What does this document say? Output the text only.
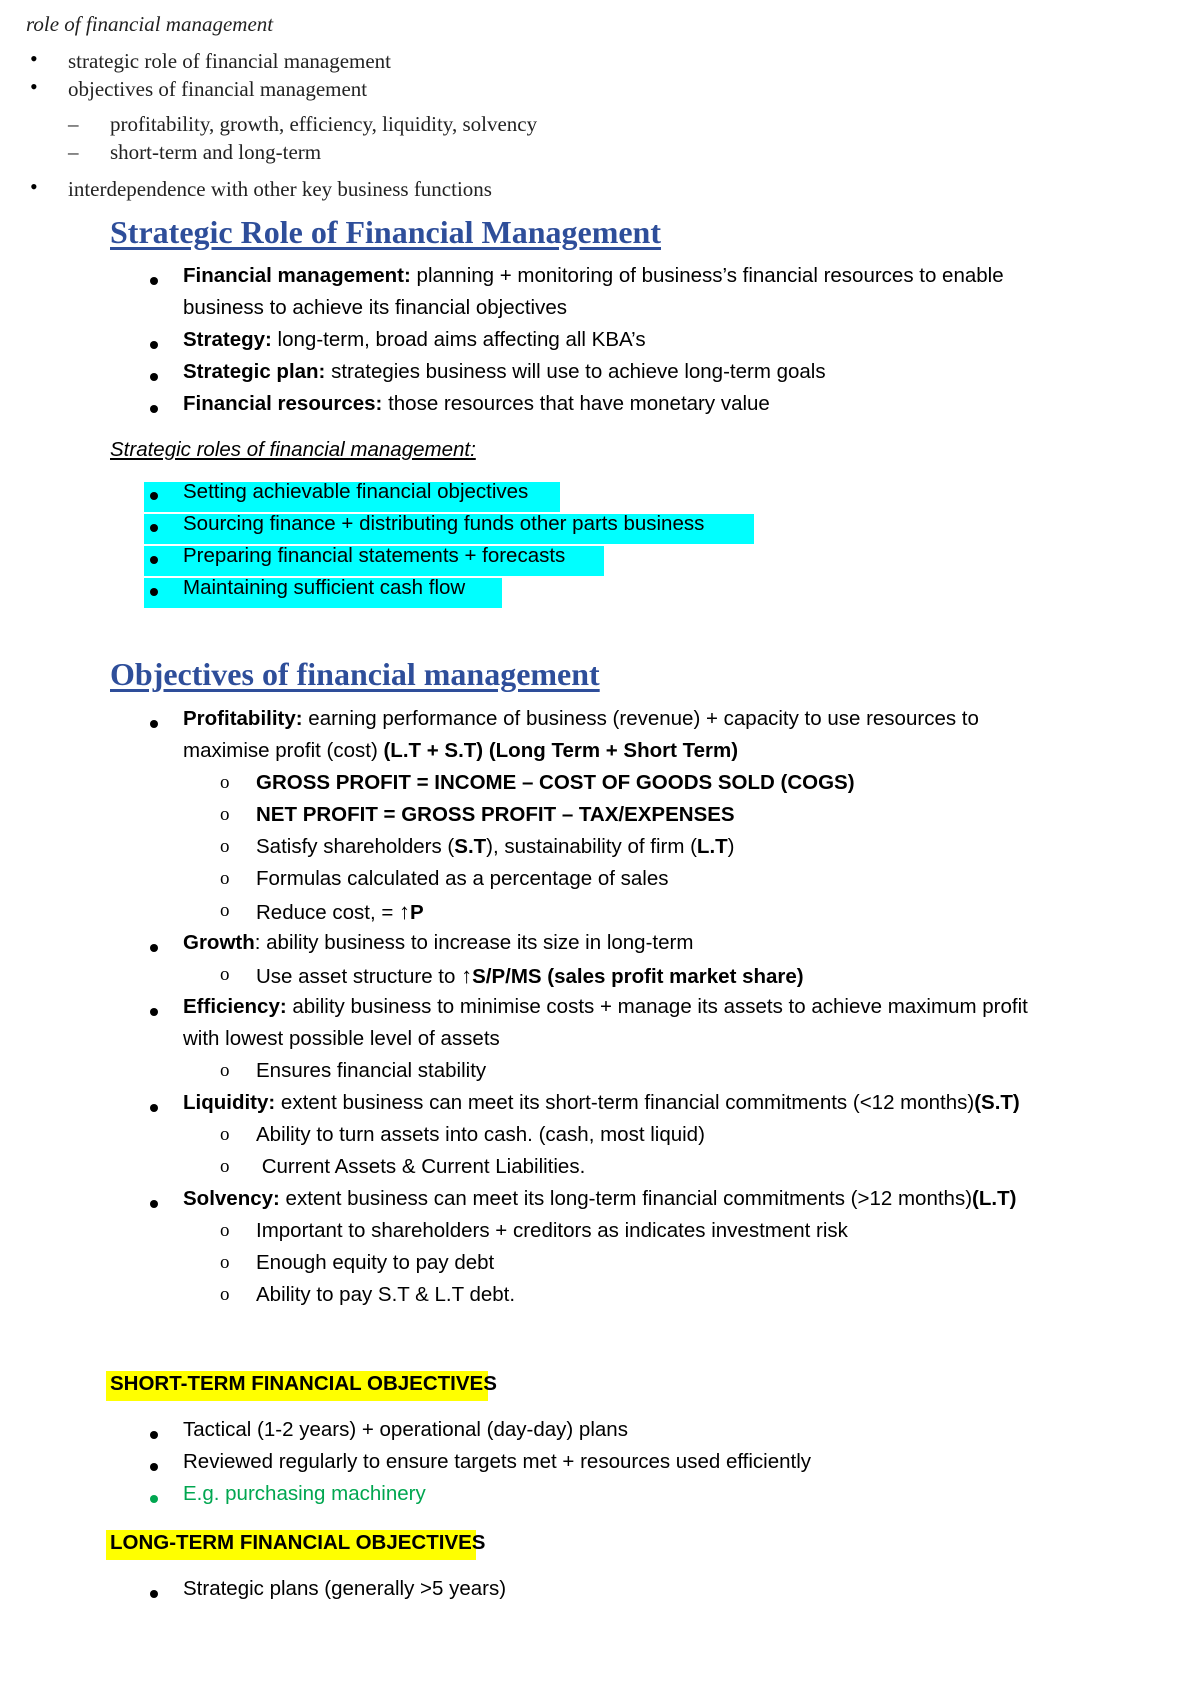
role of financial management
• strategic role of financial management
• objectives of financial management
– profitability, growth, efficiency, liquidity, solvency
– short-term and long-term
• interdependence with other key business functions
Strategic Role of Financial Management
Financial management: planning + monitoring of business’s financial resources to enable
business to achieve its financial objectives
Strategy: long-term, broad aims affecting all KBA’s
Strategic plan: strategies business will use to achieve long-term goals
Financial resources: those resources that have monetary value
Strategic roles of financial management:
Setting achievable financial objectives
Sourcing finance + distributing funds other parts business
Preparing financial statements + forecasts
Maintaining sufficient cash flow
Objectives of financial management
Profitability: earning performance of business (revenue) + capacity to use resources to
maximise profit (cost) (L.T + S.T) (Long Term + Short Term)
o GROSS PROFIT = INCOME – COST OF GOODS SOLD (COGS)
o NET PROFIT = GROSS PROFIT – TAX/EXPENSES
o Satisfy shareholders (S.T), sustainability of firm (L.T)
o Formulas calculated as a percentage of sales
o Reduce cost, = ↑P
Growth: ability business to increase its size in long-term
o Use asset structure to ↑S/P/MS (sales profit market share)
Efficiency: ability business to minimise costs + manage its assets to achieve maximum profit
with lowest possible level of assets
o Ensures financial stability
Liquidity: extent business can meet its short-term financial commitments (<12 months)(S.T)
o Ability to turn assets into cash. (cash, most liquid)
o Current Assets & Current Liabilities.
Solvency: extent business can meet its long-term financial commitments (>12 months)(L.T)
o Important to shareholders + creditors as indicates investment risk
o Enough equity to pay debt
o Ability to pay S.T & L.T debt.
SHORT-TERM FINANCIAL OBJECTIVES
Tactical (1-2 years) + operational (day-day) plans
Reviewed regularly to ensure targets met + resources used efficiently
E.g. purchasing machinery
LONG-TERM FINANCIAL OBJECTIVES
Strategic plans (generally >5 years)
